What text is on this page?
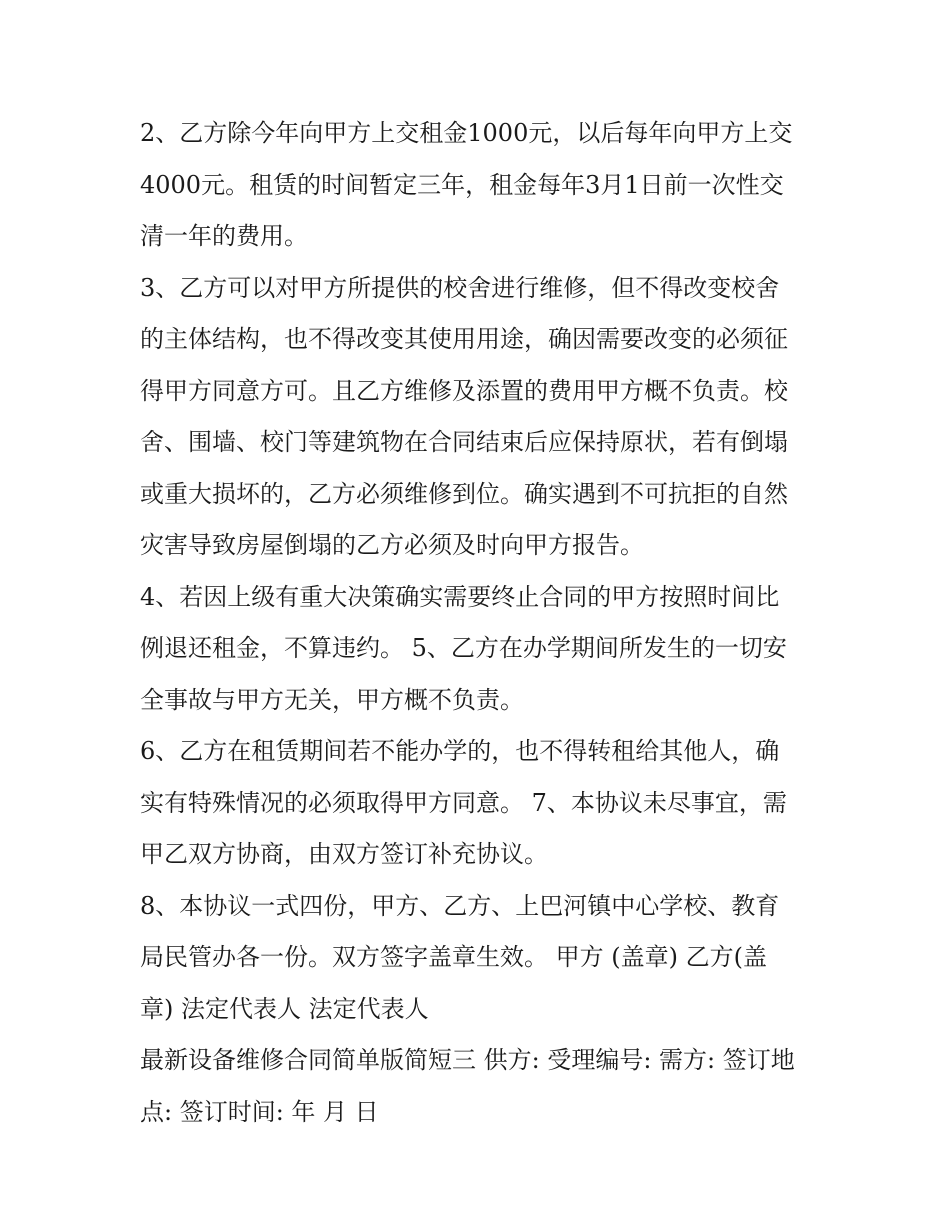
2、乙方除今年向甲方上交租金1000元，以后每年向甲方上交
4000元。租赁的时间暂定三年，租金每年3月1日前一次性交
清一年的费用。

3、乙方可以对甲方所提供的校舍进行维修，但不得改变校舍
的主体结构，也不得改变其使用用途，确因需要改变的必须征
得甲方同意方可。且乙方维修及添置的费用甲方概不负责。校
舍、围墙、校门等建筑物在合同结束后应保持原状，若有倒塌
或重大损坏的，乙方必须维修到位。确实遇到不可抗拒的自然
灾害导致房屋倒塌的乙方必须及时向甲方报告。

4、若因上级有重大决策确实需要终止合同的甲方按照时间比
例退还租金，不算违约。 5、乙方在办学期间所发生的一切安
全事故与甲方无关，甲方概不负责。

6、乙方在租赁期间若不能办学的，也不得转租给其他人，确
实有特殊情况的必须取得甲方同意。 7、本协议未尽事宜，需
甲乙双方协商，由双方签订补充协议。

8、本协议一式四份，甲方、乙方、上巴河镇中心学校、教育
局民管办各一份。双方签字盖章生效。 甲方 (盖章) 乙方(盖
章) 法定代表人 法定代表人

最新设备维修合同简单版简短三 供方: 受理编号: 需方: 签订地
点: 签订时间: 年 月 日
